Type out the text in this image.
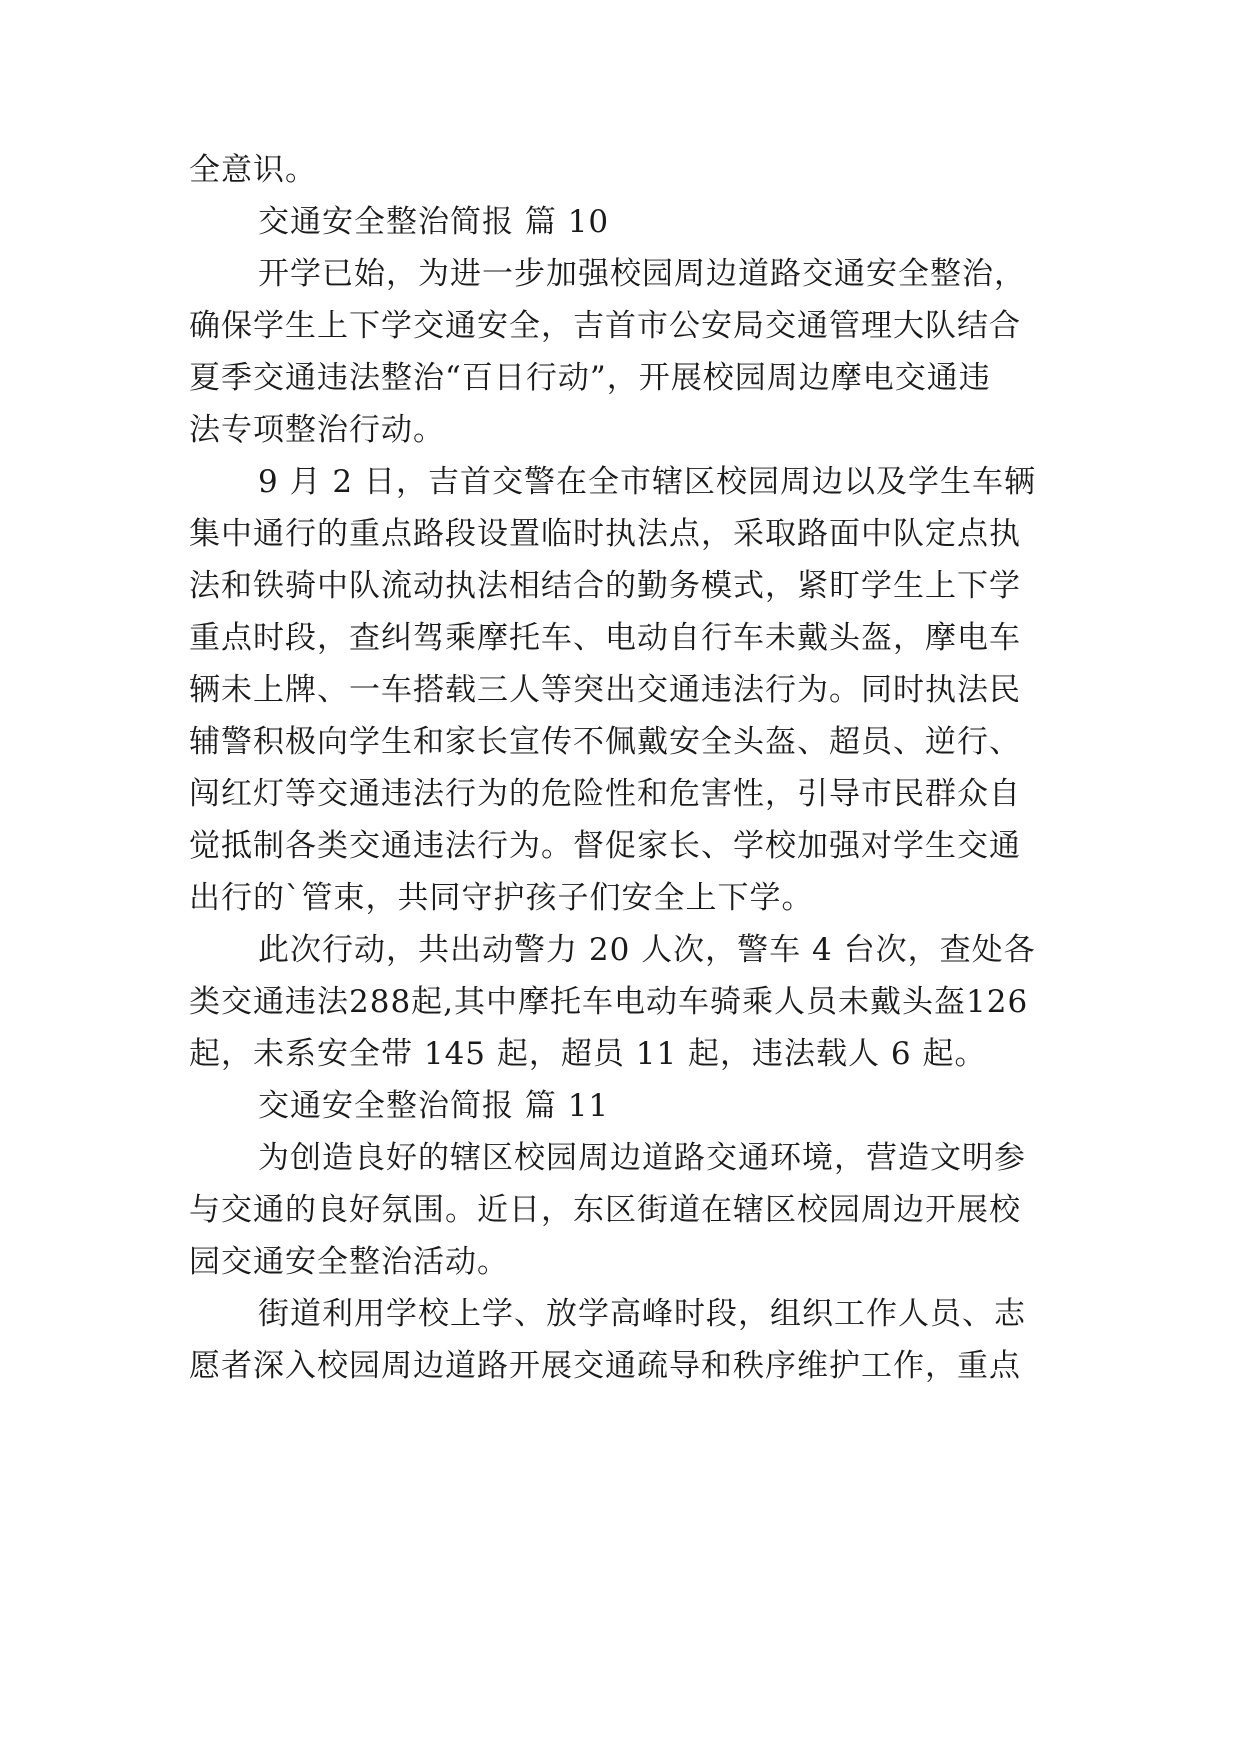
全意识。
交通安全整治简报 篇 10
开学已始，为进一步加强校园周边道路交通安全整治，
确保学生上下学交通安全，吉首市公安局交通管理大队结合
夏季交通违法整治“百日行动”，开展校园周边摩电交通违
法专项整治行动。
9 月 2 日，吉首交警在全市辖区校园周边以及学生车辆
集中通行的重点路段设置临时执法点，采取路面中队定点执
法和铁骑中队流动执法相结合的勤务模式，紧盯学生上下学
重点时段，查纠驾乘摩托车、电动自行车未戴头盔，摩电车
辆未上牌、一车搭载三人等突出交通违法行为。同时执法民
辅警积极向学生和家长宣传不佩戴安全头盔、超员、逆行、
闯红灯等交通违法行为的危险性和危害性，引导市民群众自
觉抵制各类交通违法行为。督促家长、学校加强对学生交通
出行的`管束，共同守护孩子们安全上下学。
此次行动，共出动警力 20 人次，警车 4 台次，查处各
类交通违法288起,其中摩托车电动车骑乘人员未戴头盔126
起，未系安全带 145 起，超员 11 起，违法载人 6 起。
交通安全整治简报 篇 11
为创造良好的辖区校园周边道路交通环境，营造文明参
与交通的良好氛围。近日，东区街道在辖区校园周边开展校
园交通安全整治活动。
街道利用学校上学、放学高峰时段，组织工作人员、志
愿者深入校园周边道路开展交通疏导和秩序维护工作，重点
